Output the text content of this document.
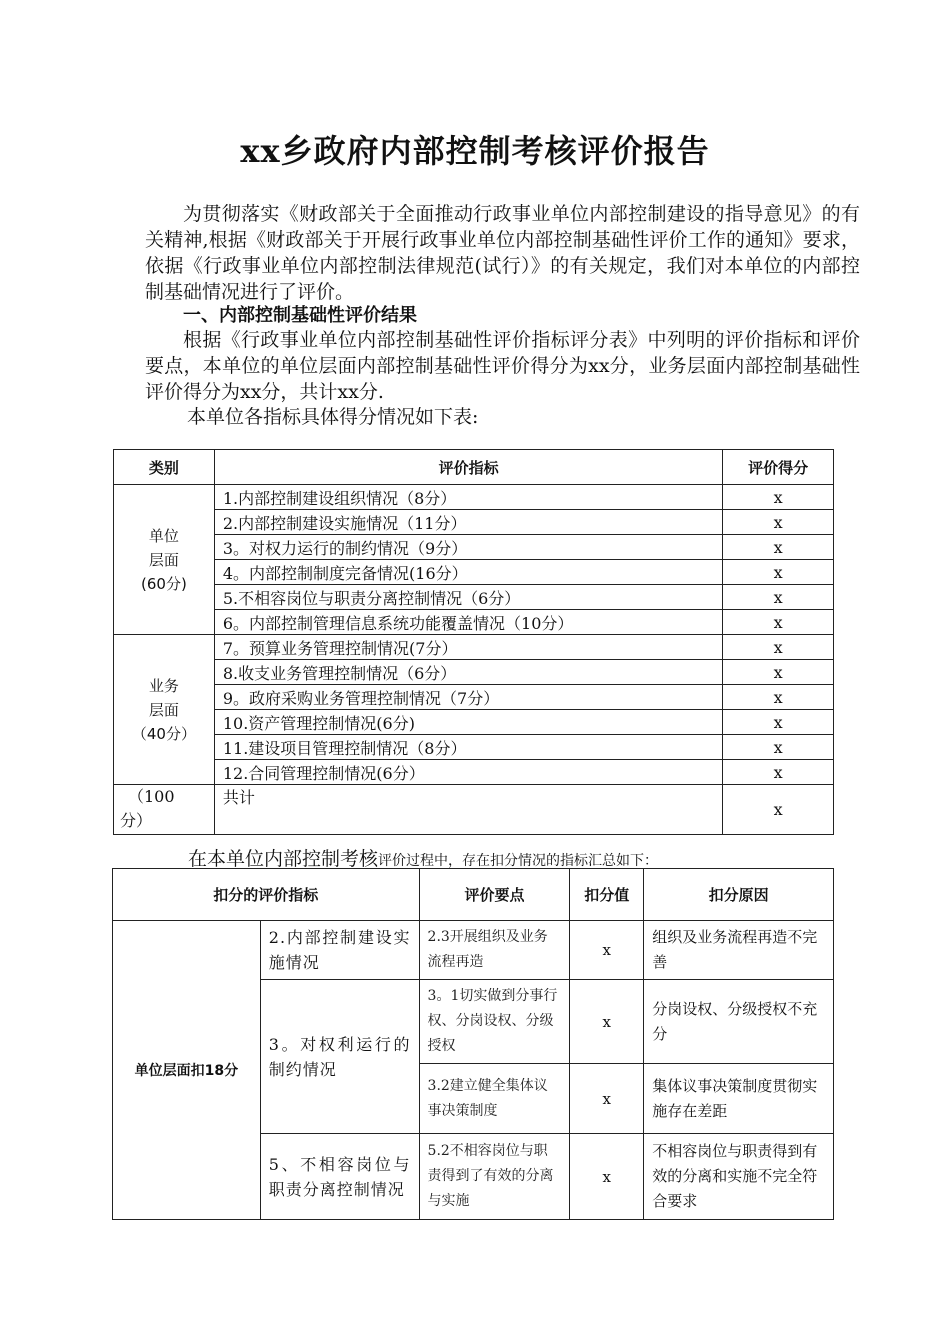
xx乡政府内部控制考核评价报告

为贯彻落实《财政部关于全面推动行政事业单位内部控制建设的指导意见》的有关精神,根据《财政部关于开展行政事业单位内部控制基础性评价工作的通知》要求，依据《行政事业单位内部控制法律规范(试行）》的有关规定，我们对本单位的内部控制基础情况进行了评价。

一、内部控制基础性评价结果

根据《行政事业单位内部控制基础性评价指标评分表》中列明的评价指标和评价要点，本单位的单位层面内部控制基础性评价得分为xx分，业务层面内部控制基础性评价得分为xx分，共计xx分.

本单位各指标具体得分情况如下表:
类别	评价指标	评价得分

单位
层面
(60分)	1.内部控制建设组织情况（8分）	x
	2.内部控制建设实施情况（11分）	x
	3。对权力运行的制约情况（9分）	x
	4。内部控制制度完备情况(16分）	x
	5.不相容岗位与职责分离控制情况（6分）	x
	6。内部控制管理信息系统功能覆盖情况（10分）	x

业务
层面
（40分）	7。预算业务管理控制情况(7分）	x
	8.收支业务管理控制情况（6分）	x
	9。政府采购业务管理控制情况（7分）	x
	10.资产管理控制情况(6分)	x
	11.建设项目管理控制情况（8分）	x
	12.合同管理控制情况(6分）	x

（100
分）	共计	x
在本单位内部控制考核评价过程中，存在扣分情况的指标汇总如下：
扣分的评价指标		评价要点	扣分值	扣分原因
单位层面扣18分	2.内部控制建设实施情况	2.3开展组织及业务流程再造	x	组织及业务流程再造不完善
	3。对权利运行的制约情况	3。1切实做到分事行权、分岗设权、分级授权	x	分岗设权、分级授权不充分
		3.2建立健全集体议事决策制度	x	集体议事决策制度贯彻实施存在差距
	5、不相容岗位与职责分离控制情况	5.2不相容岗位与职责得到了有效的分离与实施	x	不相容岗位与职责得到有效的分离和实施不完全符合要求
